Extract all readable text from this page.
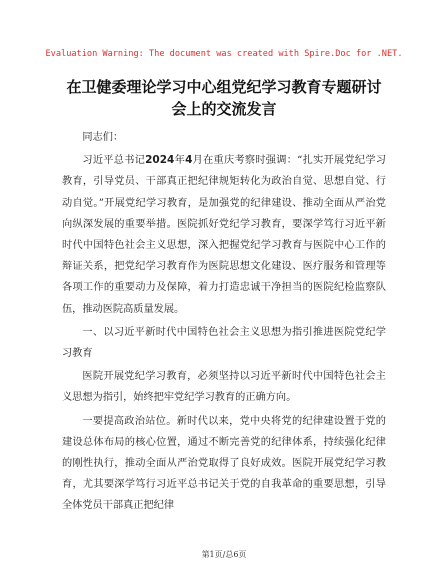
Evaluation Warning: The document was created with Spire.Doc for .NET.
在卫健委理论学习中心组党纪学习教育专题研讨会上的交流发言

同志们：

习近平总书记2024年4月在重庆考察时强调：“扎实开展党纪学习教育，引导党员、干部真正把纪律规矩转化为政治自觉、思想自觉、行动自觉。”开展党纪学习教育，是加强党的纪律建设、推动全面从严治党向纵深发展的重要举措。医院抓好党纪学习教育，要深学笃行习近平新时代中国特色社会主义思想，深入把握党纪学习教育与医院中心工作的辩证关系，把党纪学习教育作为医院思想文化建设、医疗服务和管理等各项工作的重要动力及保障，着力打造忠诚干净担当的医院纪检监察队伍，推动医院高质量发展。

一、以习近平新时代中国特色社会主义思想为指引推进医院党纪学习教育

医院开展党纪学习教育，必须坚持以习近平新时代中国特色社会主义思想为指引，始终把牢党纪学习教育的正确方向。

一要提高政治站位。新时代以来，党中央将党的纪律建设置于党的建设总体布局的核心位置，通过不断完善党的纪律体系，持续强化纪律的刚性执行，推动全面从严治党取得了良好成效。医院开展党纪学习教育，尤其要深学笃行习近平总书记关于党的自我革命的重要思想，引导全体党员干部真正把纪律

第1页/总6页
